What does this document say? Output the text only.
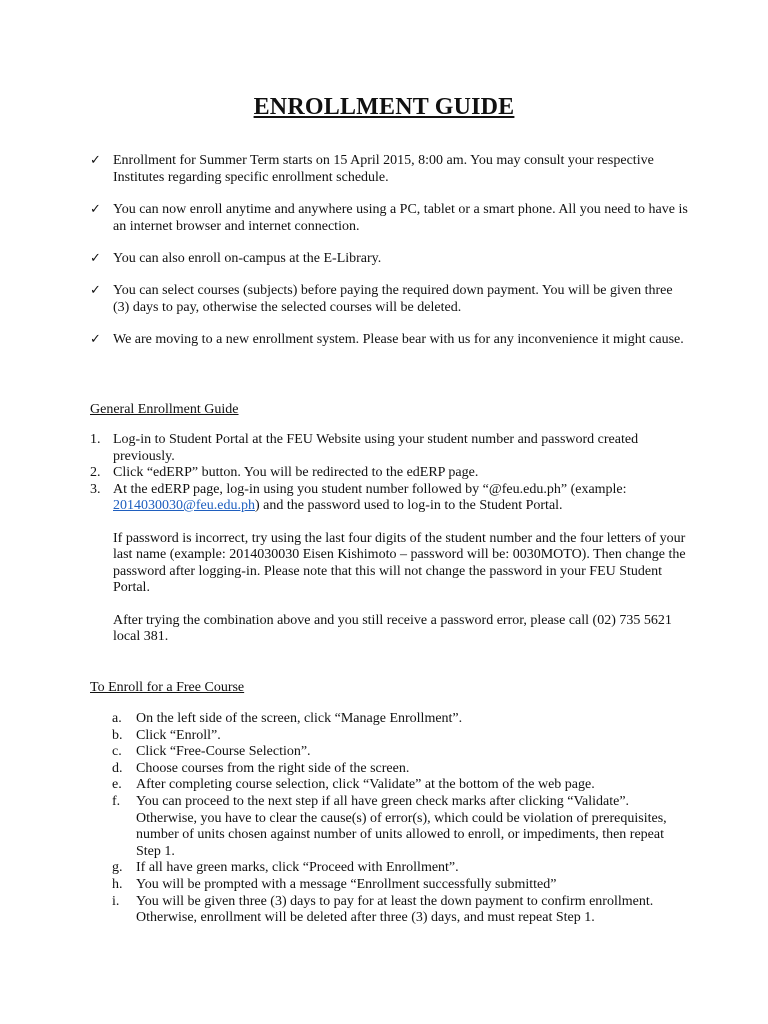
ENROLLMENT GUIDE
✓ Enrollment for Summer Term starts on 15 April 2015, 8:00 am. You may consult your respective Institutes regarding specific enrollment schedule.
✓ You can now enroll anytime and anywhere using a PC, tablet or a smart phone. All you need to have is an internet browser and internet connection.
✓ You can also enroll on-campus at the E-Library.
✓ You can select courses (subjects) before paying the required down payment. You will be given three (3) days to pay, otherwise the selected courses will be deleted.
✓ We are moving to a new enrollment system. Please bear with us for any inconvenience it might cause.
General Enrollment Guide
1. Log-in to Student Portal at the FEU Website using your student number and password created previously.
2. Click “edERP” button. You will be redirected to the edERP page.
3. At the edERP page, log-in using you student number followed by “@feu.edu.ph” (example: 2014030030@feu.edu.ph) and the password used to log-in to the Student Portal.
If password is incorrect, try using the last four digits of the student number and the four letters of your last name (example: 2014030030 Eisen Kishimoto – password will be: 0030MOTO). Then change the password after logging-in. Please note that this will not change the password in your FEU Student Portal.
After trying the combination above and you still receive a password error, please call (02) 735 5621 local 381.
To Enroll for a Free Course
a.	On the left side of the screen, click “Manage Enrollment”.
b. Click “Enroll”.
c.	Click “Free-Course Selection”.
d. Choose courses from the right side of the screen.
e.	After completing course selection, click “Validate” at the bottom of the web page.
f.	You can proceed to the next step if all have green check marks after clicking “Validate”. Otherwise, you have to clear the cause(s) of error(s), which could be violation of prerequisites, number of units chosen against number of units allowed to enroll, or impediments, then repeat Step 1.
g. If all have green marks, click “Proceed with Enrollment”.
h. You will be prompted with a message “Enrollment successfully submitted”
i.	You will be given three (3) days to pay for at least the down payment to confirm enrollment. Otherwise, enrollment will be deleted after three (3) days, and must repeat Step 1.
